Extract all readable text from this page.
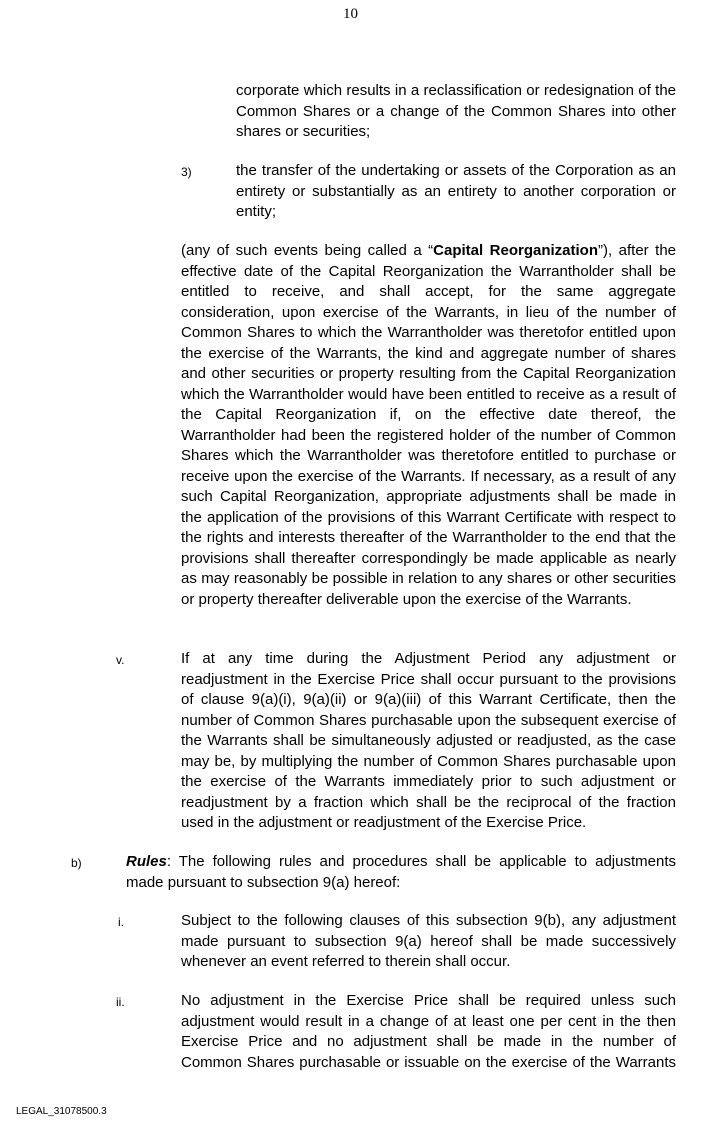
10

corporate which results in a reclassification or redesignation of the Common Shares or a change of the Common Shares into other shares or securities;

3)	the transfer of the undertaking or assets of the Corporation as an entirety or substantially as an entirety to another corporation or entity;

(any of such events being called a “Capital Reorganization”), after the effective date of the Capital Reorganization the Warrantholder shall be entitled to receive, and shall accept, for the same aggregate consideration, upon exercise of the Warrants, in lieu of the number of Common Shares to which the Warrantholder was theretofor entitled upon the exercise of the Warrants, the kind and aggregate number of shares and other securities or property resulting from the Capital Reorganization which the Warrantholder would have been entitled to receive as a result of the Capital Reorganization if, on the effective date thereof, the Warrantholder had been the registered holder of the number of Common Shares which the Warrantholder was theretofore entitled to purchase or receive upon the exercise of the Warrants. If necessary, as a result of any such Capital Reorganization, appropriate adjustments shall be made in the application of the provisions of this Warrant Certificate with respect to the rights and interests thereafter of the Warrantholder to the end that the provisions shall thereafter correspondingly be made applicable as nearly as may reasonably be possible in relation to any shares or other securities or property thereafter deliverable upon the exercise of the Warrants.

v.	If at any time during the Adjustment Period any adjustment or readjustment in the Exercise Price shall occur pursuant to the provisions of clause 9(a)(i), 9(a)(ii) or 9(a)(iii) of this Warrant Certificate, then the number of Common Shares purchasable upon the subsequent exercise of the Warrants shall be simultaneously adjusted or readjusted, as the case may be, by multiplying the number of Common Shares purchasable upon the exercise of the Warrants immediately prior to such adjustment or readjustment by a fraction which shall be the reciprocal of the fraction used in the adjustment or readjustment of the Exercise Price.

b)	Rules: The following rules and procedures shall be applicable to adjustments made pursuant to subsection 9(a) hereof:

i.	Subject to the following clauses of this subsection 9(b), any adjustment made pursuant to subsection 9(a) hereof shall be made successively whenever an event referred to therein shall occur.

ii.	No adjustment in the Exercise Price shall be required unless such adjustment would result in a change of at least one per cent in the then Exercise Price and no adjustment shall be made in the number of Common Shares purchasable or issuable on the exercise of the Warrants

LEGAL_31078500.3
